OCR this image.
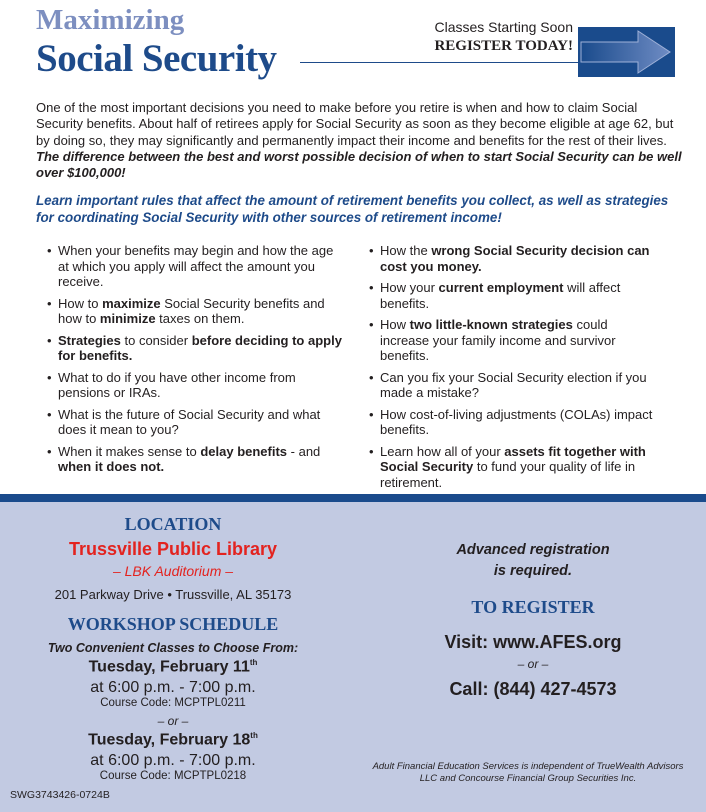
Maximizing
Social Security
Classes Starting Soon
REGISTER TODAY!

One of the most important decisions you need to make before you retire is when and how to claim Social Security benefits. About half of retirees apply for Social Security as soon as they become eligible at age 62, but by doing so, they may significantly and permanently impact their income and benefits for the rest of their lives. The difference between the best and worst possible decision of when to start Social Security can be well over $100,000!

Learn important rules that affect the amount of retirement benefits you collect, as well as strategies for coordinating Social Security with other sources of retirement income!

• When your benefits may begin and how the age at which you apply will affect the amount you receive.
• How to maximize Social Security benefits and how to minimize taxes on them.
• Strategies to consider before deciding to apply for benefits.
• What to do if you have other income from pensions or IRAs.
• What is the future of Social Security and what does it mean to you?
• When it makes sense to delay benefits - and when it does not.
• How the wrong Social Security decision can cost you money.
• How your current employment will affect benefits.
• How two little-known strategies could increase your family income and survivor benefits.
• Can you fix your Social Security election if you made a mistake?
• How cost-of-living adjustments (COLAs) impact benefits.
• Learn how all of your assets fit together with Social Security to fund your quality of life in retirement.
LOCATION
Trussville Public Library
– LBK Auditorium –
201 Parkway Drive • Trussville, AL 35173
WORKSHOP SCHEDULE
Two Convenient Classes to Choose From:
Tuesday, February 11th
at 6:00 p.m. - 7:00 p.m.
Course Code: MCPTPL0211
– or –
Tuesday, February 18th
at 6:00 p.m. - 7:00 p.m.
Course Code: MCPTPL0218
SWG3743426-0724B
Advanced registration
is required.
TO REGISTER
Visit: www.AFES.org
– or –
Call: (844) 427-4573
Adult Financial Education Services is independent of TrueWealth Advisors
LLC and Concourse Financial Group Securities Inc.
